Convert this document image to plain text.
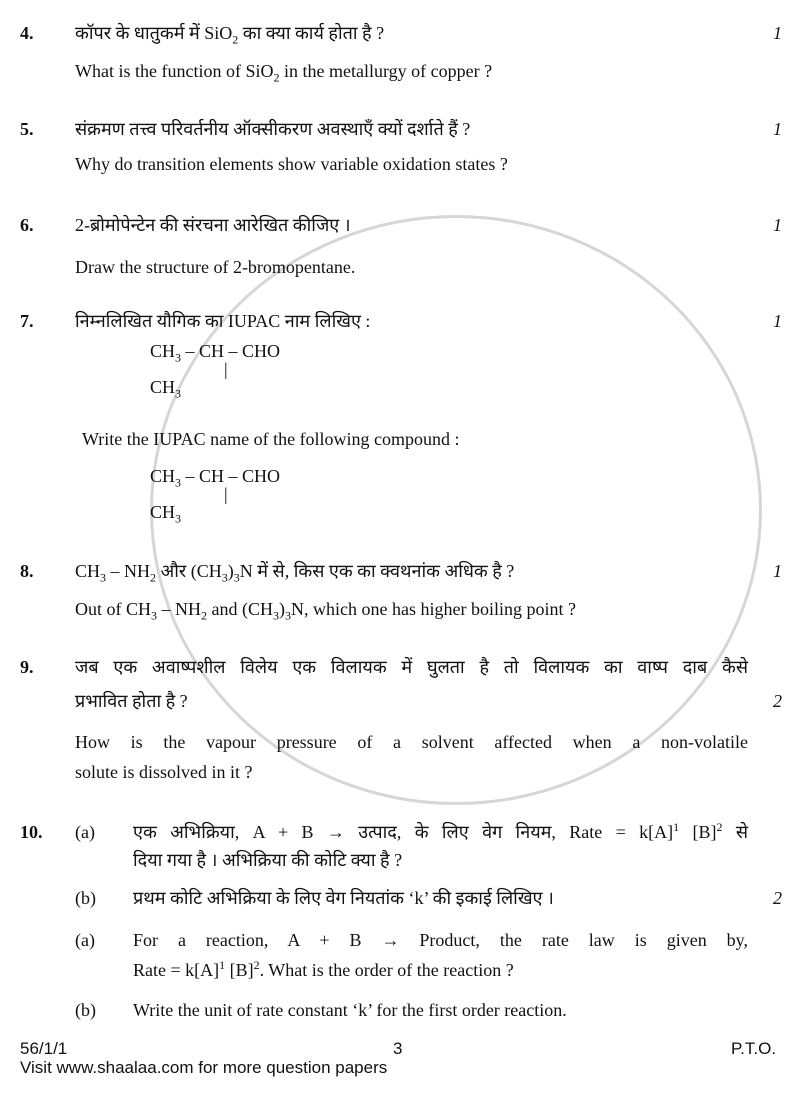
4.	1
कॉपर के धातुकर्म में SiO$_2$ का क्या कार्य होता है ?
What is the function of SiO$_2$ in the metallurgy of copper ?
5.	1
संक्रमण तत्त्व परिवर्तनीय ऑक्सीकरण अवस्थाएँ क्यों दर्शाते हैं ?
Why do transition elements show variable oxidation states ?
6.	1
2-ब्रोमोपेन्टेन की संरचना आरेखित कीजिए ।
Draw the structure of 2-bromopentane.
7.	1
निम्नलिखित यौगिक का IUPAC नाम लिखिए :
$CH_3$ – CH – CHO
|
$CH_3$
Write the IUPAC name of the following compound :
$CH_3$ – CH – CHO
|
$CH_3$
8.	1
$CH_3 - NH_2$ और $(CH_3)_3N$ में से, किस एक का क्वथनांक अधिक है ?
Out of $CH_3 - NH_2$ and $(CH_3)_3N$, which one has higher boiling point ?
9.
2
जब एक अवाष्पशील विलेय एक विलायक में घुलता है तो विलायक का वाष्प दाब कैसे
प्रभावित होता है ?
How is the vapour pressure of a solvent affected when a non-volatile
solute is dissolved in it ?
10.
2
एक अभिक्रिया, A + B → उत्पाद, के लिए वेग नियम, Rate = $k[A]^1$ $[B]^2$ से
दिया गया है । अभिक्रिया की कोटि क्या है ?
प्रथम कोटि अभिक्रिया के लिए वेग नियतांक ‘k’ की इकाई लिखिए ।
For a reaction, A + B → Product, the rate law is given by,
Rate = $k[A]^1$ $[B]^2$. What is the order of the reaction ?
Write the unit of rate constant ‘k’ for the first order reaction.
(a)
(b)
(a)
(b)
56/1/1	3	P.T.O.
Visit www.shaalaa.com for more question papers
